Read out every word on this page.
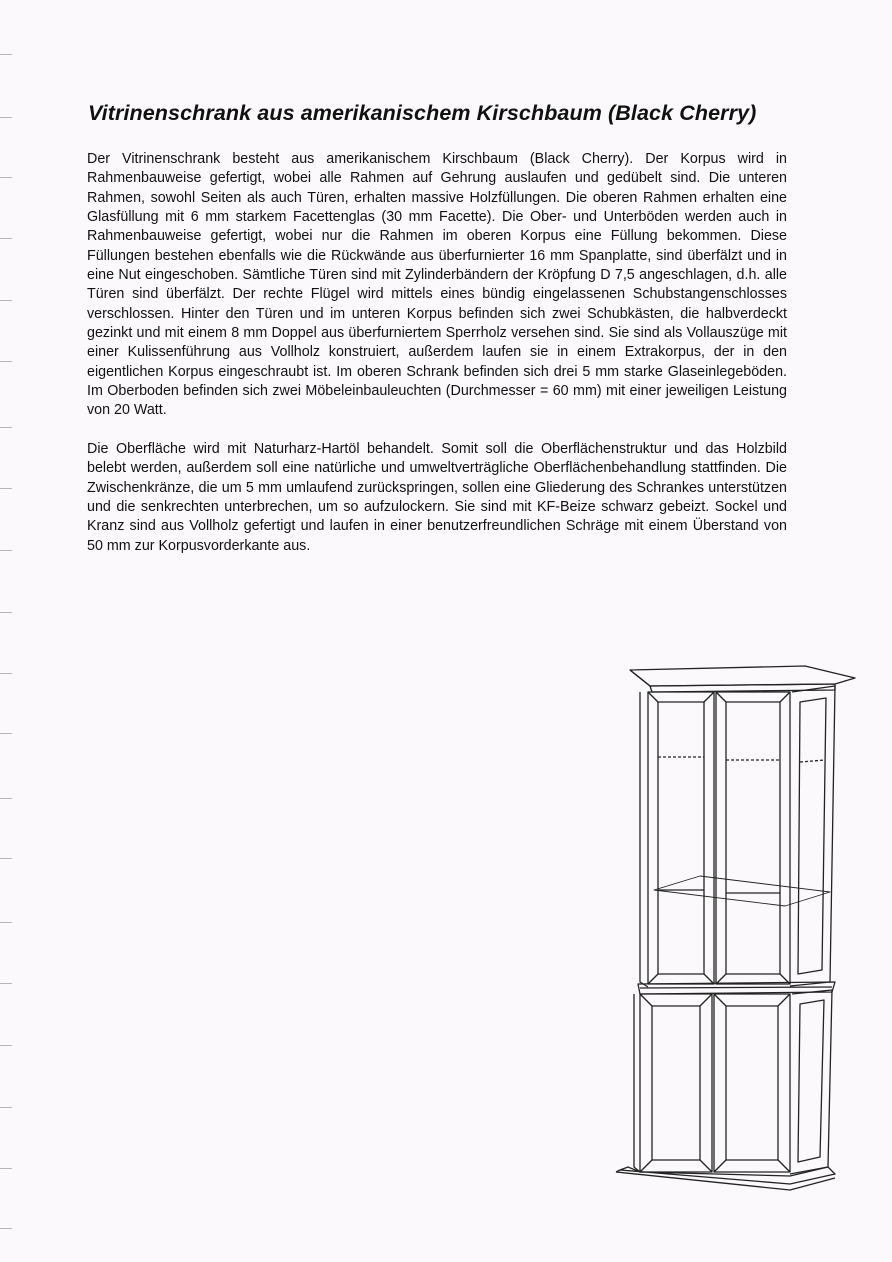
Vitrinenschrank aus amerikanischem Kirschbaum (Black Cherry)

Der Vitrinenschrank besteht aus amerikanischem Kirschbaum (Black Cherry). Der Korpus wird in Rahmenbauweise gefertigt, wobei alle Rahmen auf Gehrung auslaufen und gedübelt sind. Die unteren Rahmen, sowohl Seiten als auch Türen, erhalten massive Holzfüllungen. Die oberen Rahmen erhalten eine Glasfüllung mit 6 mm starkem Facettenglas (30 mm Facette). Die Ober- und Unterböden werden auch in Rahmenbauweise gefertigt, wobei nur die Rahmen im oberen Korpus eine Füllung bekommen. Diese Füllungen bestehen ebenfalls wie die Rückwände aus überfurnierter 16 mm Spanplatte, sind überfälzt und in eine Nut eingeschoben. Sämtliche Türen sind mit Zylinderbändern der Kröpfung D 7,5 angeschlagen, d.h. alle Türen sind überfälzt. Der rechte Flügel wird mittels eines bündig eingelassenen Schubstangenschlosses verschlossen. Hinter den Türen und im unteren Korpus befinden sich zwei Schubkästen, die halbverdeckt gezinkt und mit einem 8 mm Doppel aus überfurniertem Sperrholz versehen sind. Sie sind als Vollauszüge mit einer Kulissenführung aus Vollholz konstruiert, außerdem laufen sie in einem Extrakorpus, der in den eigentlichen Korpus eingeschraubt ist. Im oberen Schrank befinden sich drei 5 mm starke Glaseinlegeböden. Im Oberboden befinden sich zwei Möbeleinbauleuchten (Durchmesser = 60 mm) mit einer jeweiligen Leistung von 20 Watt.

Die Oberfläche wird mit Naturharz-Hartöl behandelt. Somit soll die Oberflächenstruktur und das Holzbild belebt werden, außerdem soll eine natürliche und umweltverträgliche Oberflächenbehandlung stattfinden. Die Zwischenkränze, die um 5 mm umlaufend zurückspringen, sollen eine Gliederung des Schrankes unterstützen und die senkrechten unterbrechen, um so aufzulockern. Sie sind mit KF-Beize schwarz gebeizt. Sockel und Kranz sind aus Vollholz gefertigt und laufen in einer benutzerfreundlichen Schräge mit einem Überstand von 50 mm zur Korpusvorderkante aus.
